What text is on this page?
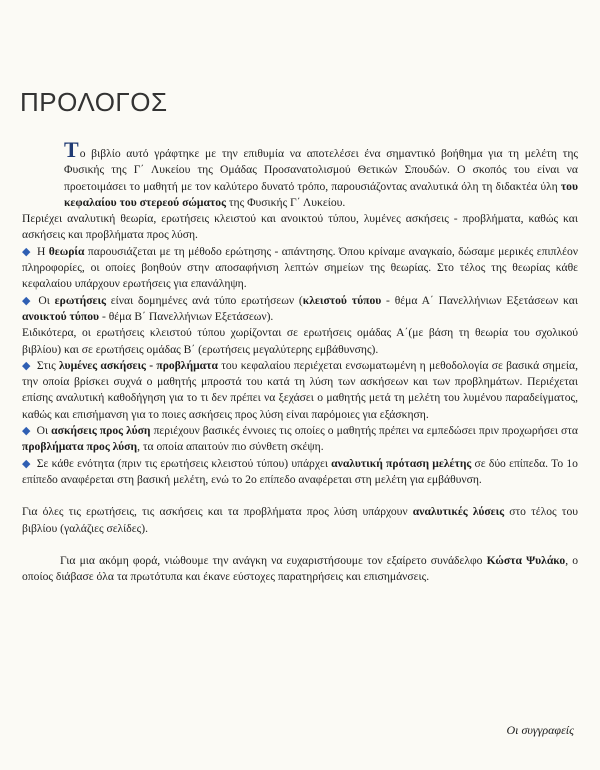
ΠΡΟΛΟΓΟΣ

Το βιβλίο αυτό γράφτηκε με την επιθυμία να αποτελέσει ένα σημαντικό βοήθημα για τη μελέτη της Φυσικής της Γ΄ Λυκείου της Ομάδας Προσανατολισμού Θετικών Σπουδών. Ο σκοπός του είναι να προετοιμάσει το μαθητή με τον καλύτερο δυνατό τρόπο, παρουσιάζοντας αναλυτικά όλη τη διδακτέα ύλη του κεφαλαίου του στερεού σώματος της Φυσικής Γ΄ Λυκείου.

Περιέχει αναλυτική θεωρία, ερωτήσεις κλειστού και ανοικτού τύπου, λυμένες ασκήσεις - προβλήματα, καθώς και ασκήσεις και προβλήματα προς λύση.

◆ Η θεωρία παρουσιάζεται με τη μέθοδο ερώτησης - απάντησης. Όπου κρίναμε αναγκαίο, δώσαμε μερικές επιπλέον πληροφορίες, οι οποίες βοηθούν στην αποσαφήνιση λεπτών σημείων της θεωρίας. Στο τέλος της θεωρίας κάθε κεφαλαίου υπάρχουν ερωτήσεις για επανάληψη.

◆ Οι ερωτήσεις είναι δομημένες ανά τύπο ερωτήσεων (κλειστού τύπου - θέμα Α΄ Πανελλήνιων Εξετάσεων και ανοικτού τύπου - θέμα Β΄ Πανελλήνιων Εξετάσεων).

Ειδικότερα, οι ερωτήσεις κλειστού τύπου χωρίζονται σε ερωτήσεις ομάδας Α΄(με βάση τη θεωρία του σχολικού βιβλίου) και σε ερωτήσεις ομάδας Β΄ (ερωτήσεις μεγαλύτερης εμβάθυνσης).

◆ Στις λυμένες ασκήσεις - προβλήματα του κεφαλαίου περιέχεται ενσωματωμένη η μεθοδολογία σε βασικά σημεία, την οποία βρίσκει συχνά ο μαθητής μπροστά του κατά τη λύση των ασκήσεων και των προβλημάτων. Περιέχεται επίσης αναλυτική καθοδήγηση για το τι δεν πρέπει να ξεχάσει ο μαθητής μετά τη μελέτη του λυμένου παραδείγματος, καθώς και επισήμανση για το ποιες ασκήσεις προς λύση είναι παρόμοιες για εξάσκηση.

◆ Οι ασκήσεις προς λύση περιέχουν βασικές έννοιες τις οποίες ο μαθητής πρέπει να εμπεδώσει πριν προχωρήσει στα προβλήματα προς λύση, τα οποία απαιτούν πιο σύνθετη σκέψη.

◆ Σε κάθε ενότητα (πριν τις ερωτήσεις κλειστού τύπου) υπάρχει αναλυτική πρόταση μελέτης σε δύο επίπεδα. Το 1ο επίπεδο αναφέρεται στη βασική μελέτη, ενώ το 2ο επίπεδο αναφέρεται στη μελέτη για εμβάθυνση.

Για όλες τις ερωτήσεις, τις ασκήσεις και τα προβλήματα προς λύση υπάρχουν αναλυτικές λύσεις στο τέλος του βιβλίου (γαλάζιες σελίδες).

Για μια ακόμη φορά, νιώθουμε την ανάγκη να ευχαριστήσουμε τον εξαίρετο συνάδελφο Κώστα Ψυλάκο, ο οποίος διάβασε όλα τα πρωτότυπα και έκανε εύστοχες παρατηρήσεις και επισημάνσεις.

Οι συγγραφείς
